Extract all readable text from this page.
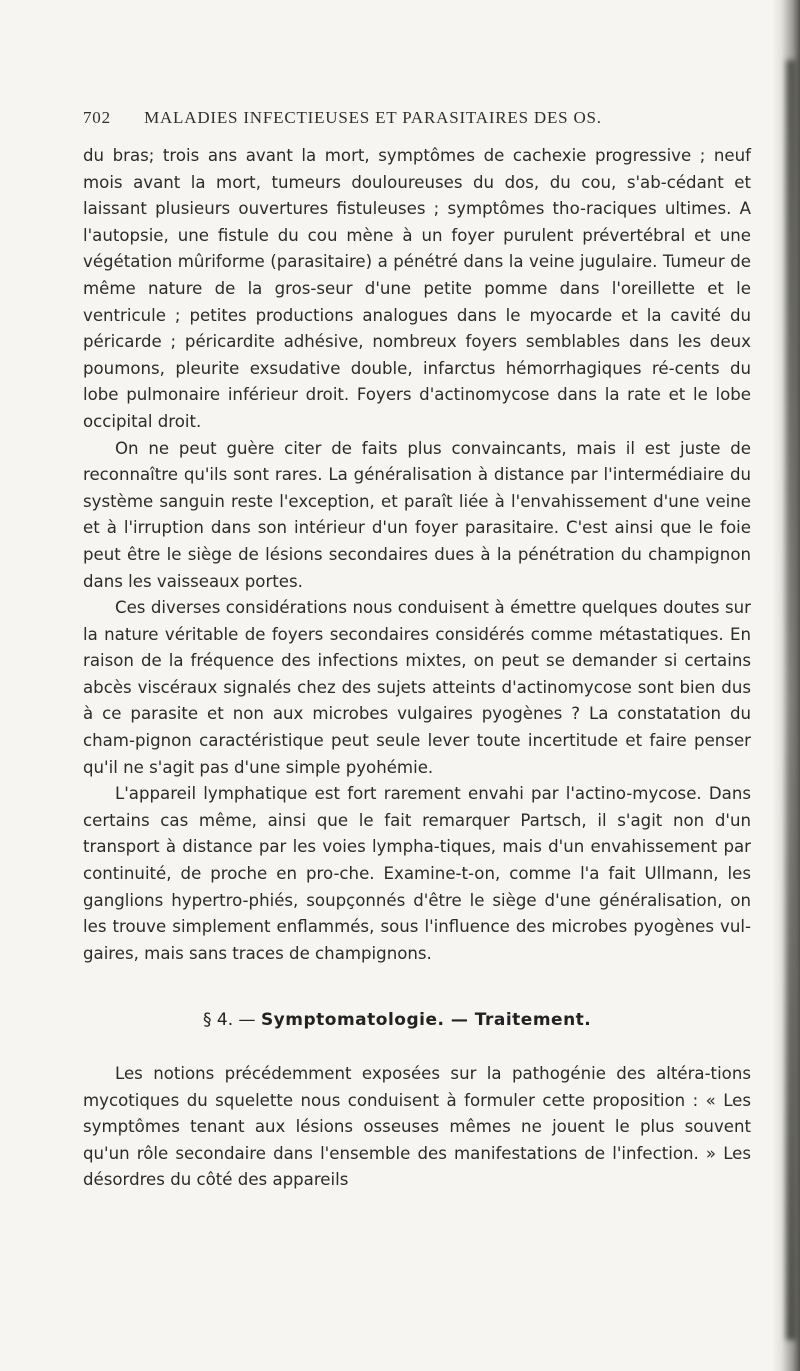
702 MALADIES INFECTIEUSES ET PARASITAIRES DES OS.

du bras; trois ans avant la mort, symptômes de cachexie progressive ; neuf mois avant la mort, tumeurs douloureuses du dos, du cou, s'ab-cédant et laissant plusieurs ouvertures fistuleuses ; symptômes tho-raciques ultimes. A l'autopsie, une fistule du cou mène à un foyer purulent prévertébral et une végétation mûriforme (parasitaire) a pénétré dans la veine jugulaire. Tumeur de même nature de la gros-seur d'une petite pomme dans l'oreillette et le ventricule ; petites productions analogues dans le myocarde et la cavité du péricarde ; péricardite adhésive, nombreux foyers semblables dans les deux poumons, pleurite exsudative double, infarctus hémorrhagiques ré-cents du lobe pulmonaire inférieur droit. Foyers d'actinomycose dans la rate et le lobe occipital droit.

On ne peut guère citer de faits plus convaincants, mais il est juste de reconnaître qu'ils sont rares. La généralisation à distance par l'intermédiaire du système sanguin reste l'exception, et paraît liée à l'envahissement d'une veine et à l'irruption dans son intérieur d'un foyer parasitaire. C'est ainsi que le foie peut être le siège de lésions secondaires dues à la pénétration du champignon dans les vaisseaux portes.

Ces diverses considérations nous conduisent à émettre quelques doutes sur la nature véritable de foyers secondaires considérés comme métastatiques. En raison de la fréquence des infections mixtes, on peut se demander si certains abcès viscéraux signalés chez des sujets atteints d'actinomycose sont bien dus à ce parasite et non aux microbes vulgaires pyogènes ? La constatation du cham-pignon caractéristique peut seule lever toute incertitude et faire penser qu'il ne s'agit pas d'une simple pyohémie.

L'appareil lymphatique est fort rarement envahi par l'actino-mycose. Dans certains cas même, ainsi que le fait remarquer Partsch, il s'agit non d'un transport à distance par les voies lympha-tiques, mais d'un envahissement par continuité, de proche en pro-che. Examine-t-on, comme l'a fait Ullmann, les ganglions hypertro-phiés, soupçonnés d'être le siège d'une généralisation, on les trouve simplement enflammés, sous l'influence des microbes pyogènes vul-gaires, mais sans traces de champignons.

§ 4. — Symptomatologie. — Traitement.

Les notions précédemment exposées sur la pathogénie des altéra-tions mycotiques du squelette nous conduisent à formuler cette proposition : « Les symptômes tenant aux lésions osseuses mêmes ne jouent le plus souvent qu'un rôle secondaire dans l'ensemble des manifestations de l'infection. » Les désordres du côté des appareils
